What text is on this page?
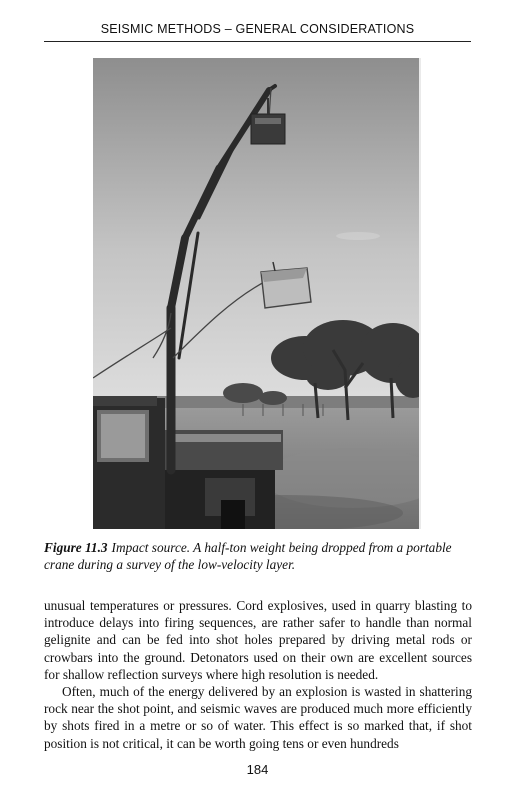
SEISMIC METHODS – GENERAL CONSIDERATIONS
Figure 11.3 Impact source. A half-ton weight being dropped from a portable crane during a survey of the low-velocity layer.

unusual temperatures or pressures. Cord explosives, used in quarry blasting to introduce delays into firing sequences, are rather safer to handle than normal gelignite and can be fed into shot holes prepared by driving metal rods or crowbars into the ground. Detonators used on their own are excellent sources for shallow reflection surveys where high resolution is needed.

Often, much of the energy delivered by an explosion is wasted in shattering rock near the shot point, and seismic waves are produced much more efficiently by shots fired in a metre or so of water. This effect is so marked that, if shot position is not critical, it can be worth going tens or even hundreds

184
